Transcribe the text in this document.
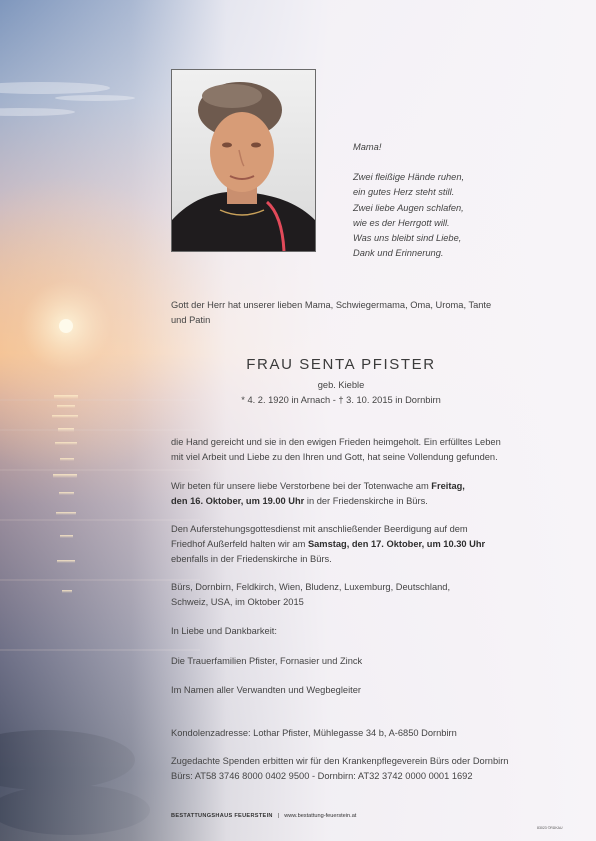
Mama!
Zwei fleißige Hände ruhen,
ein gutes Herz steht still.
Zwei liebe Augen schlafen,
wie es der Herrgott will.
Was uns bleibt sind Liebe,
Dank und Erinnerung.
Gott der Herr hat unserer lieben Mama, Schwiegermama, Oma, Uroma, Tante
und Patin
FRAU SENTA PFISTER
geb. Kieble
* 4. 2. 1920 in Arnach - † 3. 10. 2015 in Dornbirn
die Hand gereicht und sie in den ewigen Frieden heimgeholt. Ein erfülltes Leben
mit viel Arbeit und Liebe zu den Ihren und Gott, hat seine Vollendung gefunden.
Wir beten für unsere liebe Verstorbene bei der Totenwache am Freitag,
den 16. Oktober, um 19.00 Uhr in der Friedenskirche in Bürs.
Den Auferstehungsgottesdienst mit anschließender Beerdigung auf dem
Friedhof Außerfeld halten wir am Samstag, den 17. Oktober, um 10.30 Uhr
ebenfalls in der Friedenskirche in Bürs.
Bürs, Dornbirn, Feldkirch, Wien, Bludenz, Luxemburg, Deutschland,
Schweiz, USA, im Oktober 2015
In Liebe und Dankbarkeit:
Die Trauerfamilien Pfister, Fornasier und Zinck
Im Namen aller Verwandten und Wegbegleiter
Kondolenzadresse: Lothar Pfister, Mühlegasse 34 b, A-6850 Dornbirn
Zugedachte Spenden erbitten wir für den Krankenpflegeverein Bürs oder Dornbirn
Bürs: AT58 3746 8000 0402 9500 - Dornbirn: AT32 3742 0000 0001 1692
BESTATTUNGSHAUS FEUERSTEIN | www.bestattung-feuerstein.at
83023 ©RÜKAU
